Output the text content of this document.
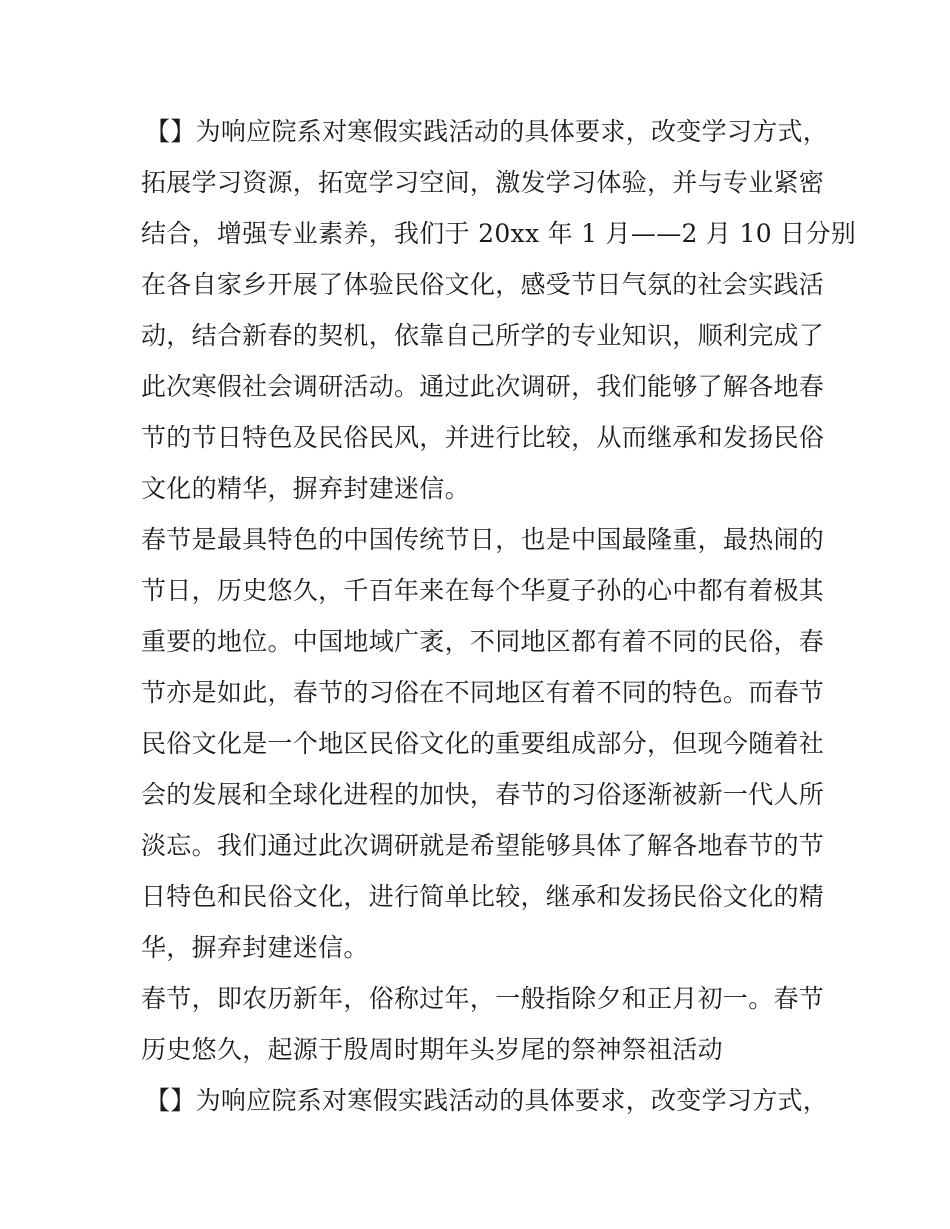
【】为响应院系对寒假实践活动的具体要求，改变学习方式，
拓展学习资源，拓宽学习空间，激发学习体验，并与专业紧密
结合，增强专业素养，我们于 20xx 年 1 月——2 月 10 日分别
在各自家乡开展了体验民俗文化，感受节日气氛的社会实践活
动，结合新春的契机，依靠自己所学的专业知识，顺利完成了
此次寒假社会调研活动。通过此次调研，我们能够了解各地春
节的节日特色及民俗民风，并进行比较，从而继承和发扬民俗
文化的精华，摒弃封建迷信。
春节是最具特色的中国传统节日，也是中国最隆重，最热闹的
节日，历史悠久，千百年来在每个华夏子孙的心中都有着极其
重要的地位。中国地域广袤，不同地区都有着不同的民俗，春
节亦是如此，春节的习俗在不同地区有着不同的特色。而春节
民俗文化是一个地区民俗文化的重要组成部分，但现今随着社
会的发展和全球化进程的加快，春节的习俗逐渐被新一代人所
淡忘。我们通过此次调研就是希望能够具体了解各地春节的节
日特色和民俗文化，进行简单比较，继承和发扬民俗文化的精
华，摒弃封建迷信。
春节，即农历新年，俗称过年，一般指除夕和正月初一。春节
历史悠久，起源于殷周时期年头岁尾的祭神祭祖活动
【】为响应院系对寒假实践活动的具体要求，改变学习方式，
